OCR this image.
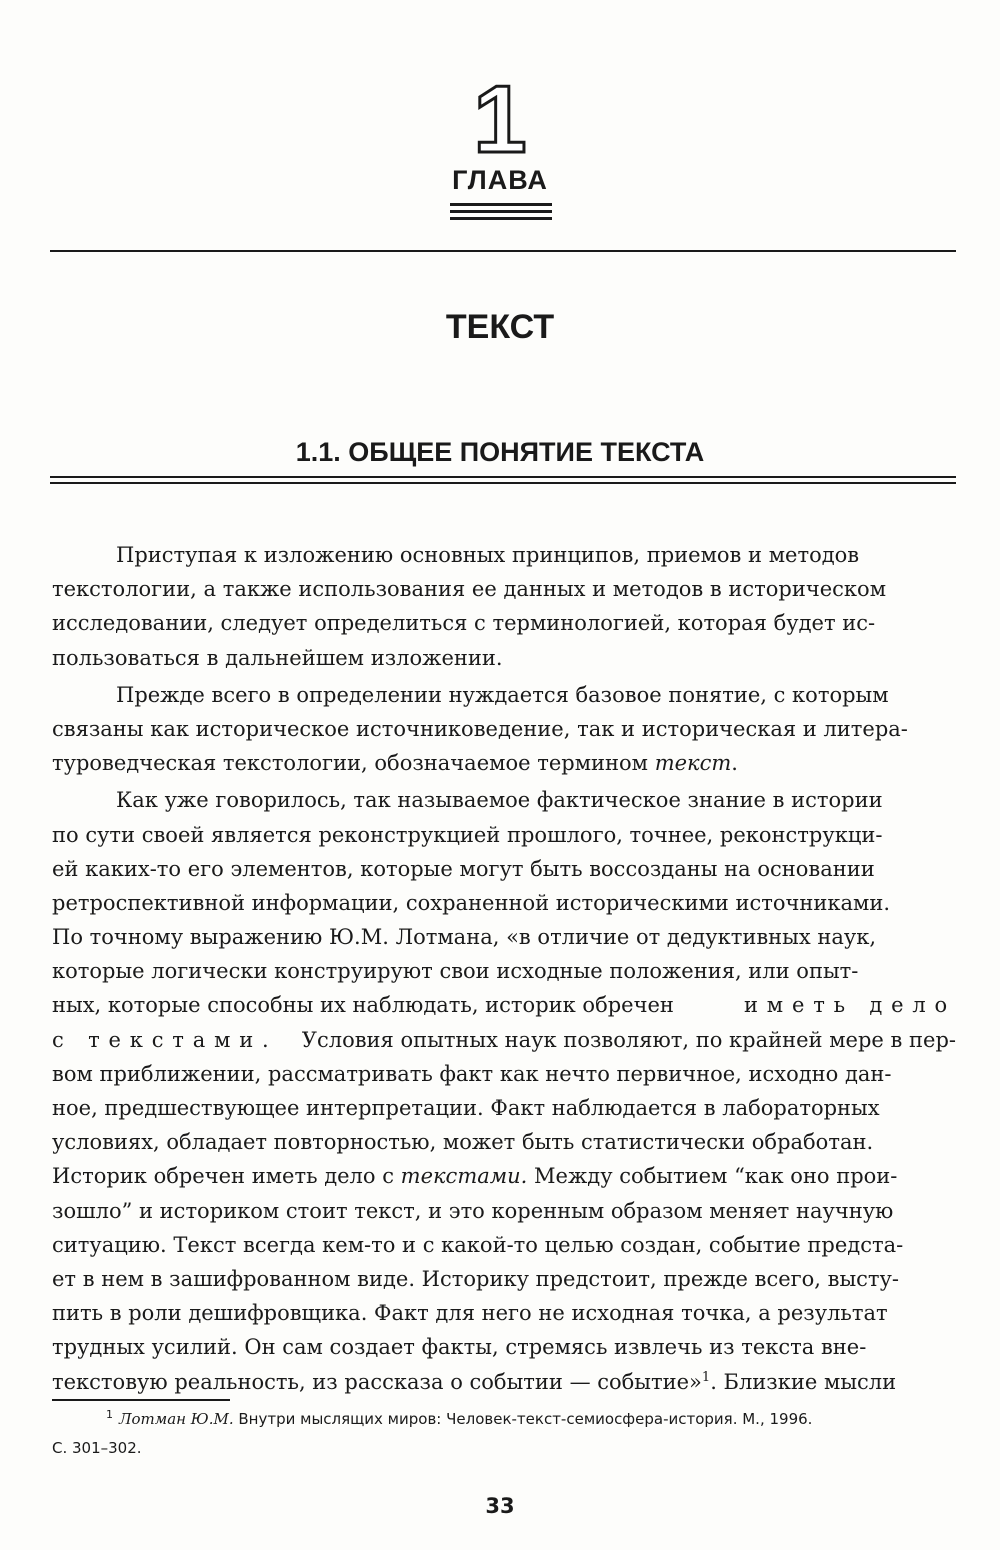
1
ГЛАВА
ТЕКСТ
1.1. ОБЩЕЕ ПОНЯТИЕ ТЕКСТА
Приступая к изложению основных принципов, приемов и методов
текстологии, а также использования ее данных и методов в историческом
исследовании, следует определиться с терминологией, которая будет ис-
пользоваться в дальнейшем изложении.
Прежде всего в определении нуждается базовое понятие, с которым
связаны как историческое источниковедение, так и историческая и литера-
туроведческая текстологии, обозначаемое термином текст.
Как уже говорилось, так называемое фактическое знание в истории
по сути своей является реконструкцией прошлого, точнее, реконструкци-
ей каких-то его элементов, которые могут быть воссозданы на основании
ретроспективной информации, сохраненной историческими источниками.
По точному выражению Ю.М. Лотмана, «в отличие от дедуктивных наук,
которые логически конструируют свои исходные положения, или опыт-
ных, которые способны их наблюдать, историк обречен	иметь дело
с текстами. Условия опытных наук позволяют, по крайней мере в пер-
вом приближении, рассматривать факт как нечто первичное, исходно дан-
ное, предшествующее интерпретации. Факт наблюдается в лабораторных
условиях, обладает повторностью, может быть статистически обработан.
Историк обречен иметь дело с текстами. Между событием “как оно прои-
зошло” и историком стоит текст, и это коренным образом меняет научную
ситуацию. Текст всегда кем-то и с какой-то целью создан, событие предста-
ет в нем в зашифрованном виде. Историку предстоит, прежде всего, высту-
пить в роли дешифровщика. Факт для него не исходная точка, а результат
трудных усилий. Он сам создает факты, стремясь извлечь из текста вне-
текстовую реальность, из рассказа о событии — событие»$^1$. Близкие мысли
$^1$ Лотман Ю.М. Внутри мыслящих миров: Человек-текст-семиосфера-история. М., 1996.
С. 301–302.
33
